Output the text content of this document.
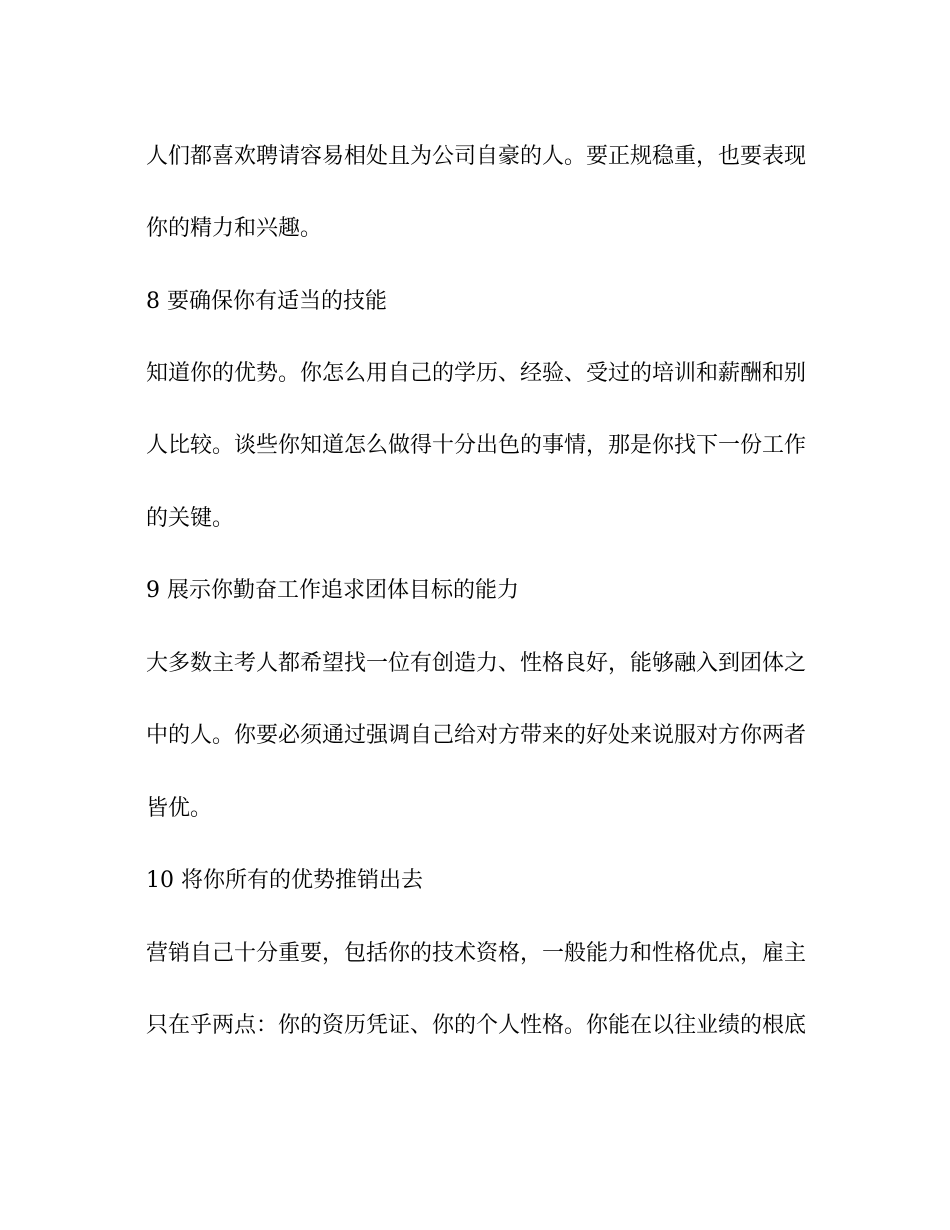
人们都喜欢聘请容易相处且为公司自豪的人。要正规稳重，也要表现
你的精力和兴趣。
8 要确保你有适当的技能
知道你的优势。你怎么用自己的学历、经验、受过的培训和薪酬和别
人比较。谈些你知道怎么做得十分出色的事情，那是你找下一份工作
的关键。
9 展示你勤奋工作追求团体目标的能力
大多数主考人都希望找一位有创造力、性格良好，能够融入到团体之
中的人。你要必须通过强调自己给对方带来的好处来说服对方你两者
皆优。
10 将你所有的优势推销出去
营销自己十分重要，包括你的技术资格，一般能力和性格优点，雇主
只在乎两点：你的资历凭证、你的个人性格。你能在以往业绩的根底
